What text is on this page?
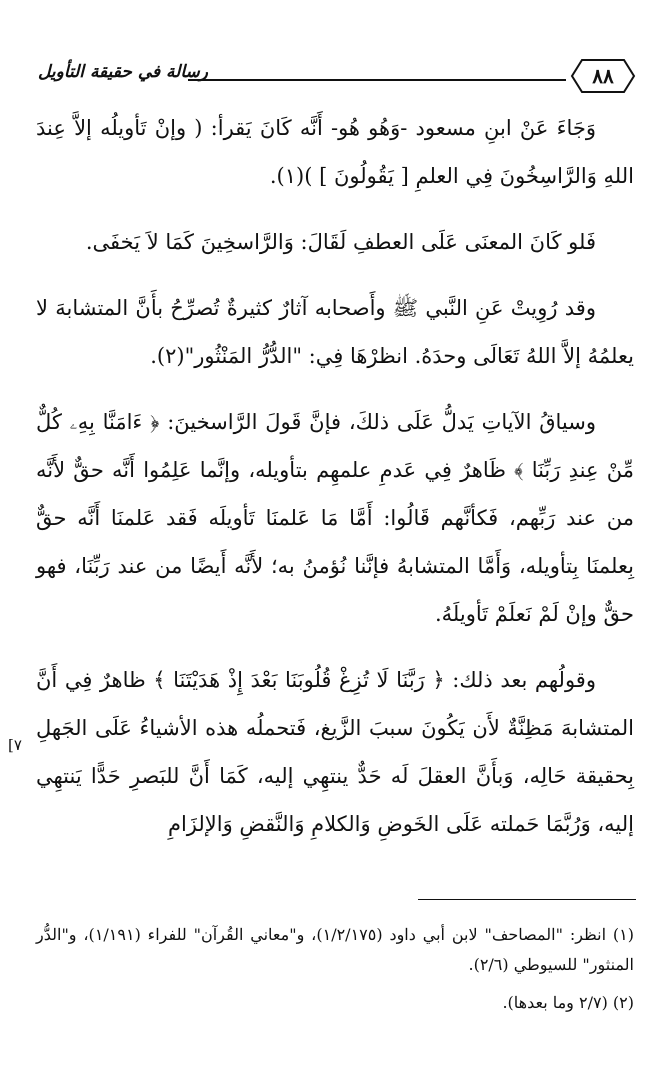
رسالة في حقيقة التأويل	٨٨

وَجَاءَ عَنْ ابنِ مسعود -وَهُو هُو- أَنَّه كَانَ يَقرأ: ( وإنْ تَأويلُه إلاَّ عِندَ اللهِ وَالرَّاسِخُونَ فِي العلمِ [ يَقُولُونَ ] )(١).

فَلو كَانَ المعنَى عَلَى العطفِ لَقَالَ: وَالرَّاسخِينَ كَمَا لاَ يَخفَى.

وقد رُوِيتْ عَنِ النَّبي ﷺ وأَصحابه آثارٌ كثيرةٌ تُصرِّحُ بأَنَّ المتشابهَ لا يعلمُهُ إلاَّ اللهُ تَعَالَى وحدَهُ. انظرْهَا فِي: "الدُّرُّ المَنْثُور"(٢).

وسياقُ الآياتِ يَدلُّ عَلَى ذلكَ، فإنَّ قَولَ الرَّاسخينَ: ﴿ ءَامَنَّا بِهِۦ كُلٌّ مِّنْ عِندِ رَبِّنَا ﴾ ظَاهرٌ فِي عَدمِ علمهِم بتأويله، وإنَّما عَلِمُوا أَنَّه حقٌّ لأَنَّه من عند رَبِّهم، فَكأنَّهم قَالُوا: أَمَّا مَا عَلمنَا تَأويلَه فَقد عَلمنَا أَنَّه حقٌّ بِعلمنَا بِتأويله، وَأَمَّا المتشابهُ فإنَّنا نُؤمنُ به؛ لأَنَّه أَيضًا من عند رَبِّنَا، فهو حقٌّ وإنْ لَمْ نَعلَمْ تَأويلَهُ.

وقولُهم بعد ذلك: ﴿ رَبَّنَا لَا تُزِغْ قُلُوبَنَا بَعْدَ إِذْ هَدَيْتَنَا ﴾ ظاهرٌ فِي أَنَّ المتشابهَ مَظِنَّةٌ لأَن يَكُونَ سببَ الزَّيغ، فَتحملُه هذه الأشياءُ عَلَى الجَهلِ بِحقيقة حَالِه، وَبأَنَّ العقلَ لَه حَدٌّ ينتهِي إليه، كَمَا أَنَّ للبَصرِ حَدًّا يَنتهِي إليه، وَرُبَّمَا حَملته عَلَى الخَوضِ وَالكلامِ وَالنَّقضِ وَالإلزَامِ

[٧

(١) انظر: "المصاحف" لابن أبي داود (١/٢/١٧٥)، و"معاني القُرآن" للفراء (١/١٩١)، و"الدُّر المنثور" للسيوطي (٢/٦).

(٢) (٢/٧ وما بعدها).
